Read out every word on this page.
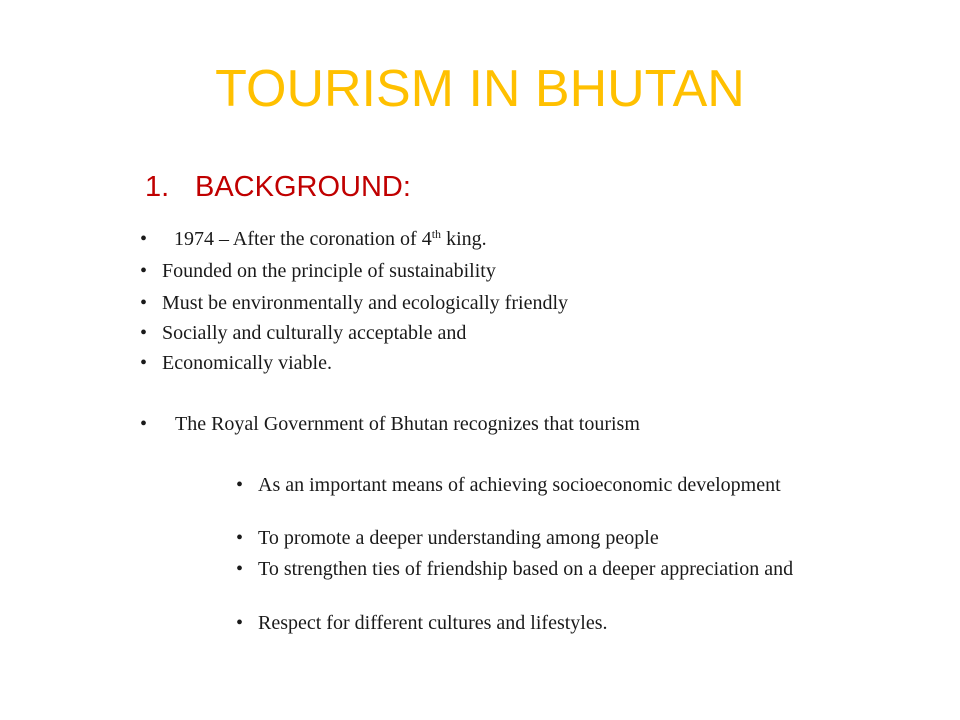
TOURISM IN BHUTAN
1. BACKGROUND:
•	1974 – After the coronation of 4th king.
• Founded on the principle of sustainability
• Must be environmentally and ecologically friendly
• Socially and culturally acceptable and
• Economically viable.
•	The Royal Government of Bhutan recognizes that tourism
• As an important means of achieving socioeconomic development
• To promote a deeper understanding among people
• To strengthen ties of friendship based on a deeper appreciation and
• Respect for different cultures and lifestyles.
